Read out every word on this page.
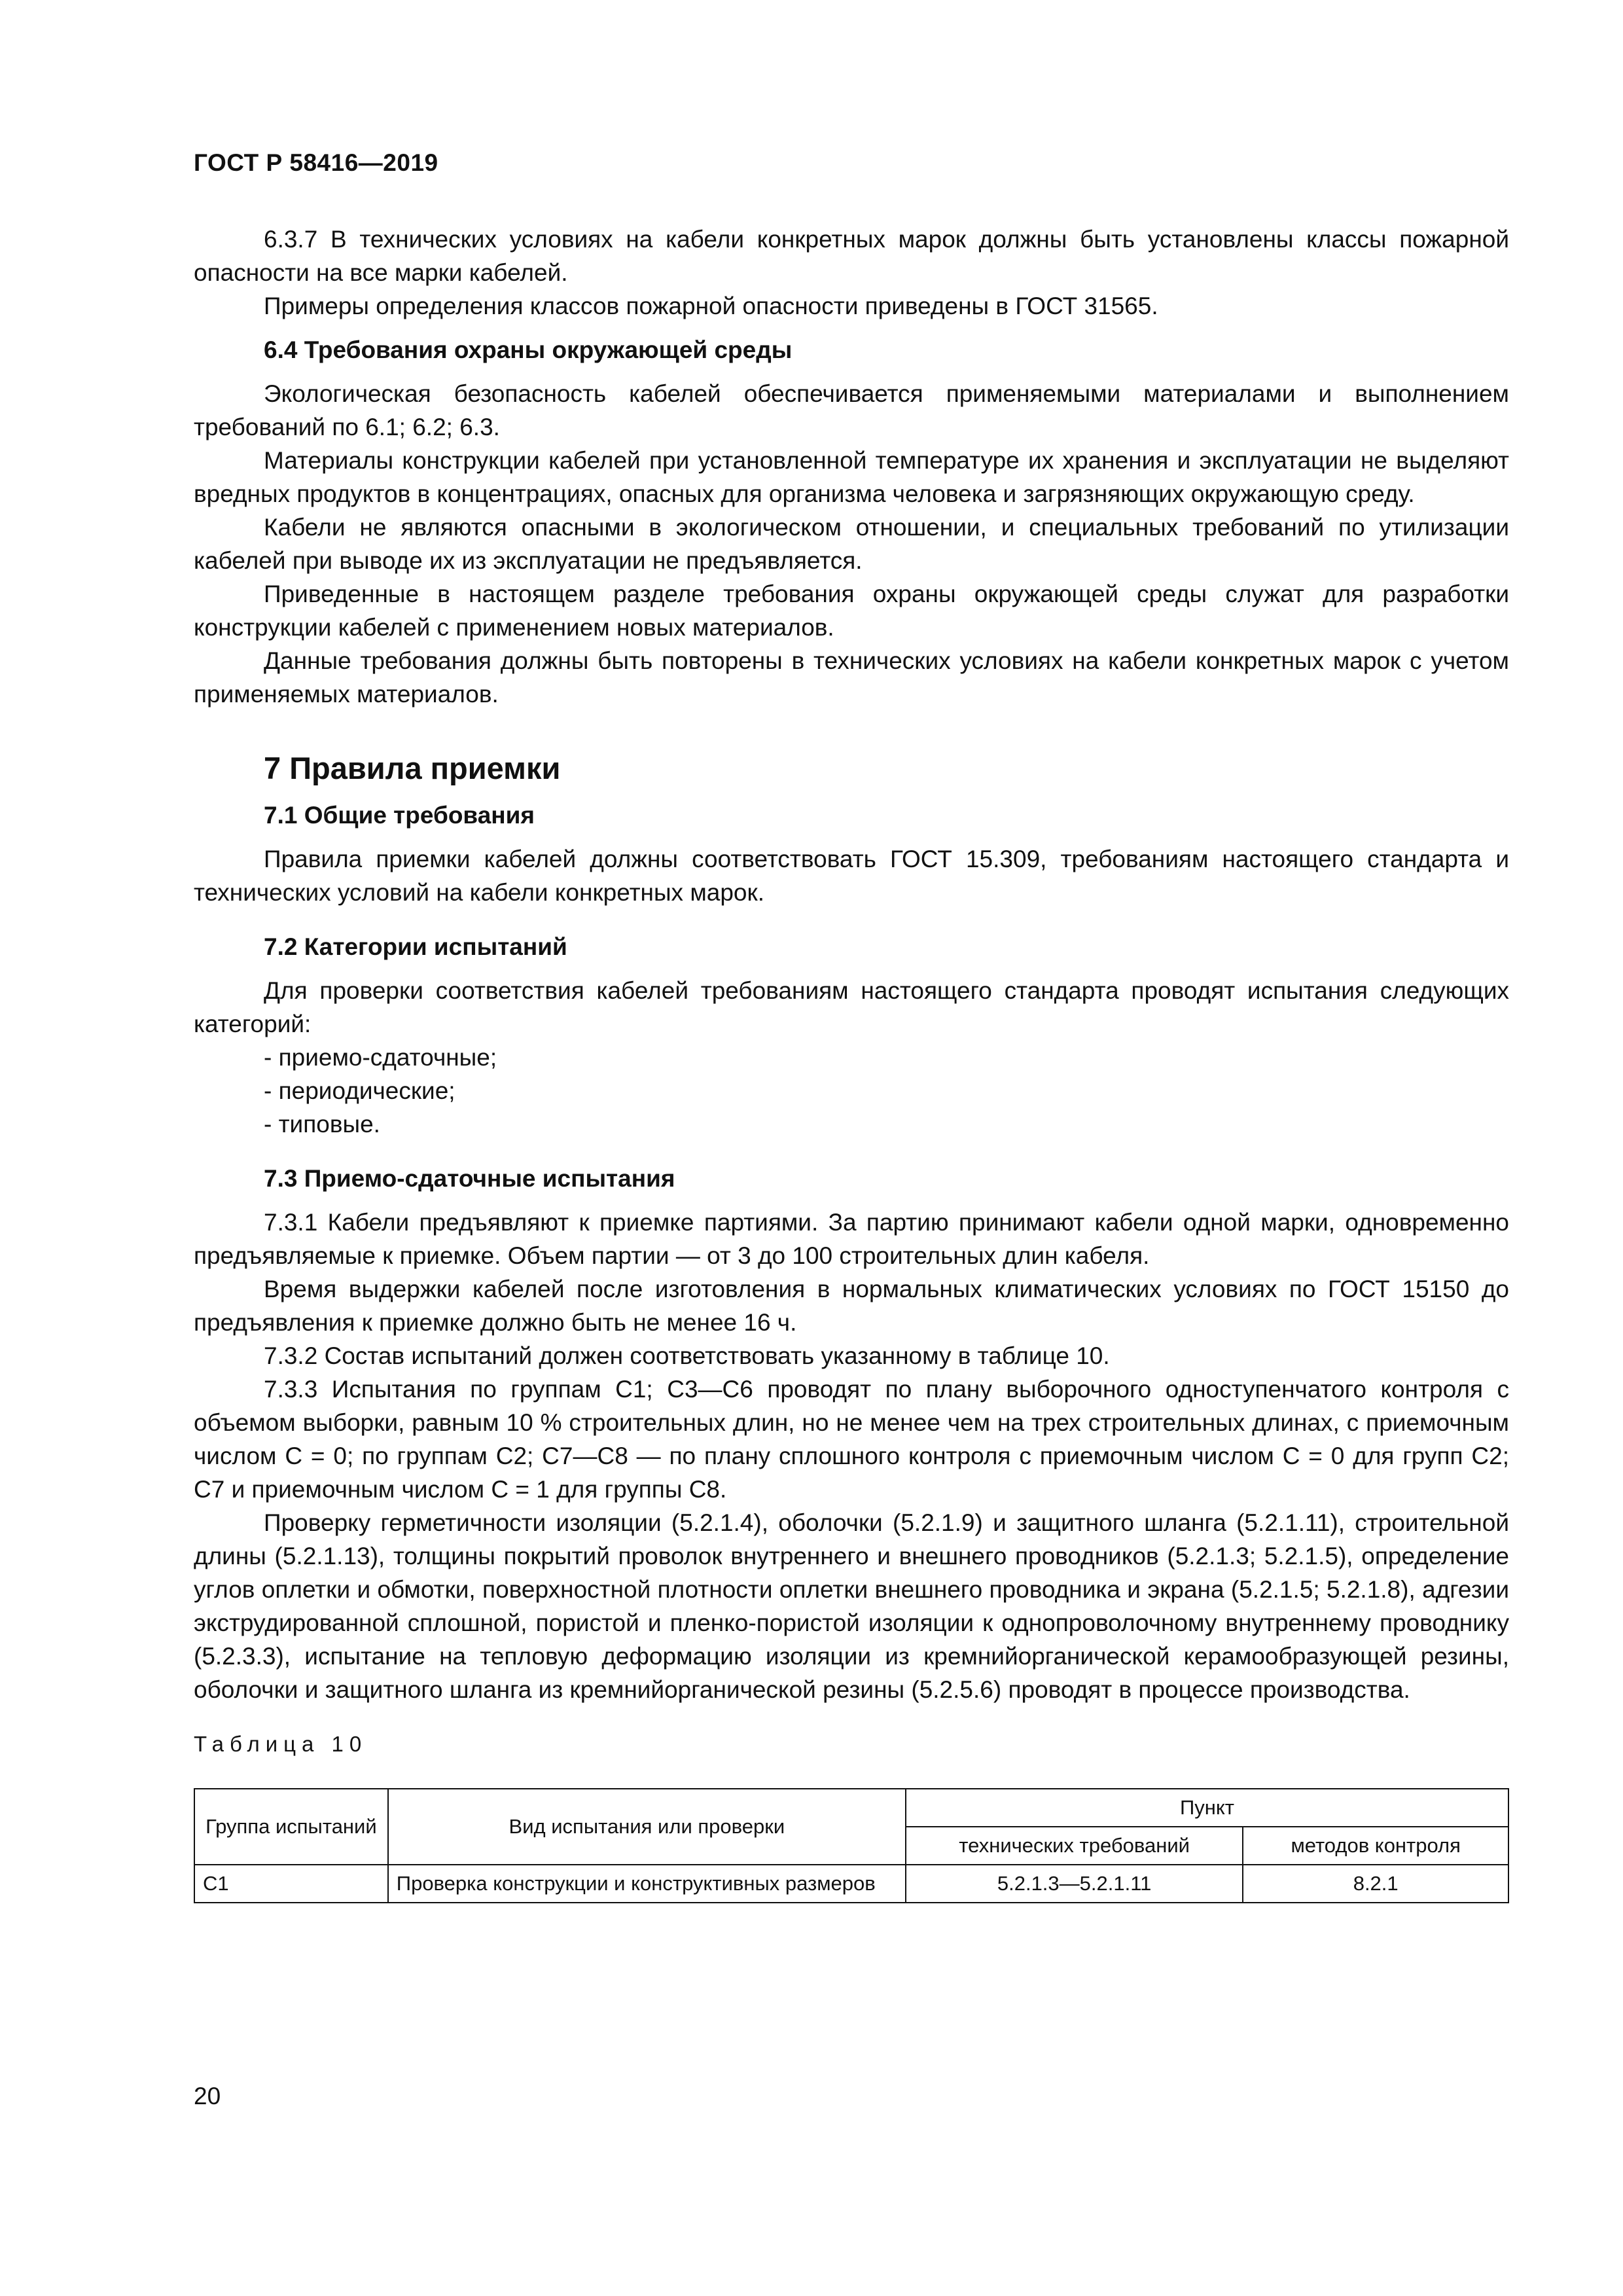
ГОСТ Р 58416—2019

6.3.7 В технических условиях на кабели конкретных марок должны быть установлены классы пожарной опасности на все марки кабелей.

Примеры определения классов пожарной опасности приведены в ГОСТ 31565.

6.4 Требования охраны окружающей среды

Экологическая безопасность кабелей обеспечивается применяемыми материалами и выполнением требований по 6.1; 6.2; 6.3.

Материалы конструкции кабелей при установленной температуре их хранения и эксплуатации не выделяют вредных продуктов в концентрациях, опасных для организма человека и загрязняющих окружающую среду.

Кабели не являются опасными в экологическом отношении, и специальных требований по утилизации кабелей при выводе их из эксплуатации не предъявляется.

Приведенные в настоящем разделе требования охраны окружающей среды служат для разработки конструкции кабелей с применением новых материалов.

Данные требования должны быть повторены в технических условиях на кабели конкретных марок с учетом применяемых материалов.

7 Правила приемки
7.1 Общие требования

Правила приемки кабелей должны соответствовать ГОСТ 15.309, требованиям настоящего стандарта и технических условий на кабели конкретных марок.

7.2 Категории испытаний

Для проверки соответствия кабелей требованиям настоящего стандарта проводят испытания следующих категорий:

- приемо-сдаточные;
- периодические;
- типовые.
7.3 Приемо-сдаточные испытания

7.3.1 Кабели предъявляют к приемке партиями. За партию принимают кабели одной марки, одновременно предъявляемые к приемке. Объем партии — от 3 до 100 строительных длин кабеля.

Время выдержки кабелей после изготовления в нормальных климатических условиях по ГОСТ 15150 до предъявления к приемке должно быть не менее 16 ч.

7.3.2 Состав испытаний должен соответствовать указанному в таблице 10.

7.3.3 Испытания по группам С1; С3—С6 проводят по плану выборочного одноступенчатого контроля с объемом выборки, равным 10 % строительных длин, но не менее чем на трех строительных длинах, с приемочным числом С = 0; по группам С2; С7—С8 — по плану сплошного контроля с приемочным числом С = 0 для групп С2; С7 и приемочным числом С = 1 для группы С8.

Проверку герметичности изоляции (5.2.1.4), оболочки (5.2.1.9) и защитного шланга (5.2.1.11), строительной длины (5.2.1.13), толщины покрытий проволок внутреннего и внешнего проводников (5.2.1.3; 5.2.1.5), определение углов оплетки и обмотки, поверхностной плотности оплетки внешнего проводника и экрана (5.2.1.5; 5.2.1.8), адгезии экструдированной сплошной, пористой и пленко-пористой изоляции к однопроволочному внутреннему проводнику (5.2.3.3), испытание на тепловую деформацию изоляции из кремнийорганической керамообразующей резины, оболочки и защитного шланга из кремнийорганической резины (5.2.5.6) проводят в процессе производства.

Таблица 10
Группа испытаний	Вид испытания или проверки	Пункт	
		технических требований	методов контроля
С1	Проверка конструкции и конструктивных размеров	5.2.1.3—5.2.1.11	8.2.1
20
